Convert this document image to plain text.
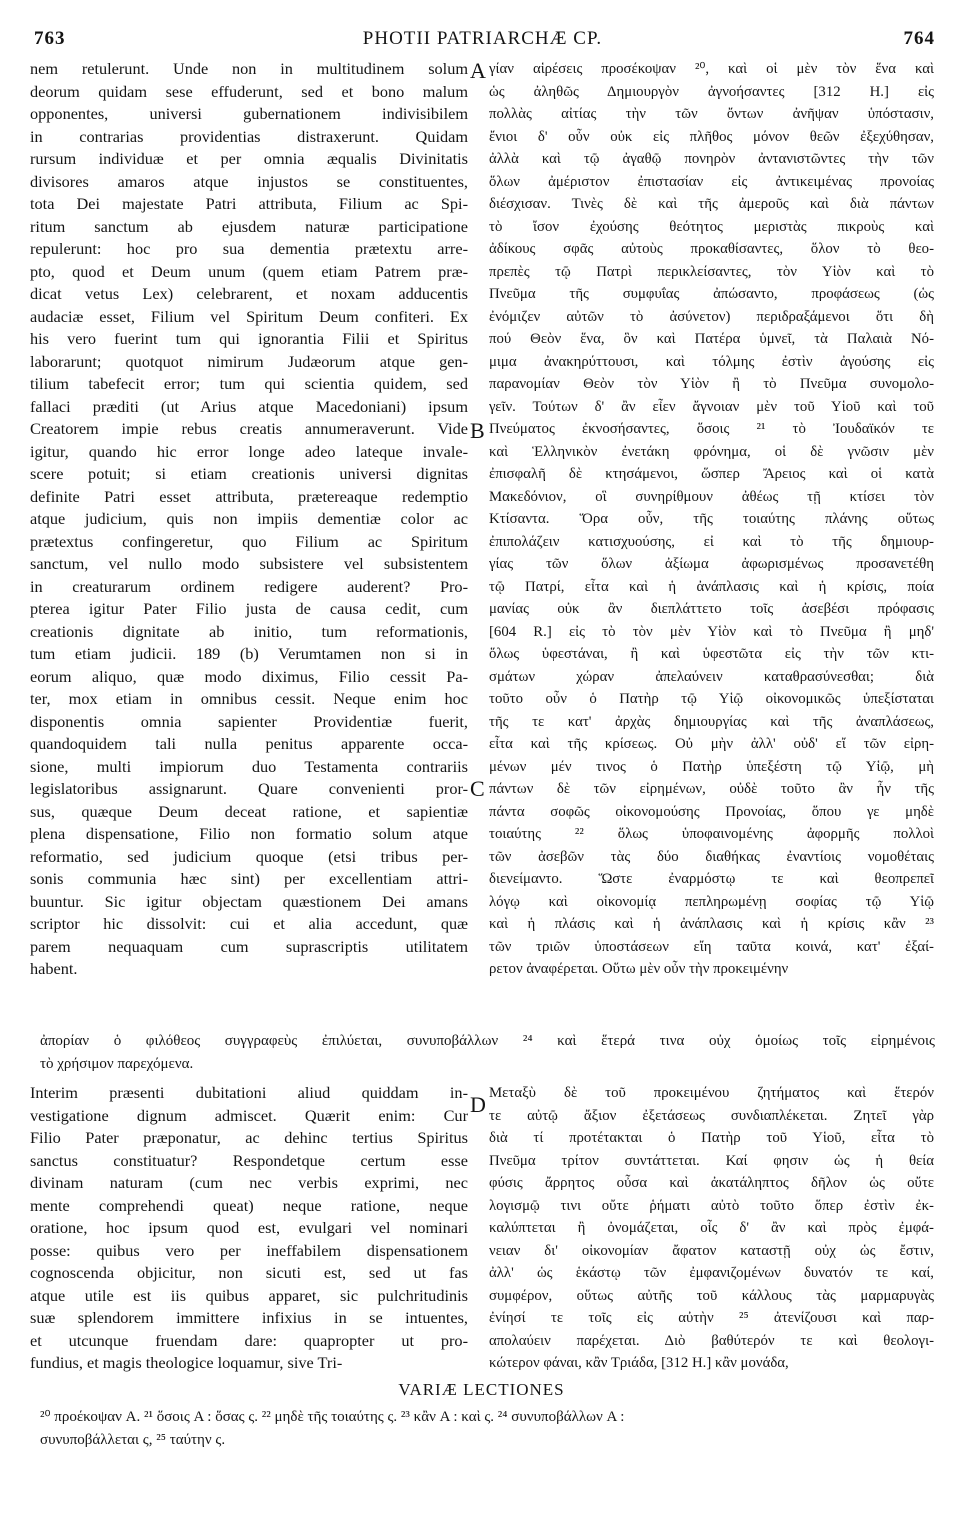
763	PHOTII PATRIARCHÆ CP.	764
nem retulerunt. Unde non in multitudinem solum
deorum quidam sese effuderunt, sed et bono malum
opponentes, universi gubernationem indivisibilem
in contrarias providentias distraxerunt. Quidam
rursum individuæ et per omnia æqualis Divinitatis
divisores amaros atque injustos se constituentes,
tota Dei majestate Patri attributa, Filium ac Spi-
ritum sanctum ab ejusdem naturæ participatione
repulerunt: hoc pro sua dementia prætextu arre-
pto, quod et Deum unum (quem etiam Patrem præ-
dicat vetus Lex) celebrarent, et noxam adducentis
audaciæ esset, Filium vel Spiritum Deum confiteri. Ex
his vero fuerint tum qui ignorantia Filii et Spiritus
laborarunt; quotquot nimirum Judæorum atque gen-
tilium tabefecit error; tum qui scientia quidem, sed
fallaci præditi (ut Arius atque Macedoniani) ipsum
Creatorem impie rebus creatis annumeraverunt. Vide
igitur, quando hic error longe adeo lateque invale-
scere potuit; si etiam creationis universi dignitas
definite Patri esset attributa, prætereaque redemptio
atque judicium, quis non impiis dementiæ color ac
prætextus confingeretur, quo Filium ac Spiritum
sanctum, vel nullo modo subsistere vel subsistentem
in creaturarum ordinem redigere auderent? Pro-
pterea igitur Pater Filio justa de causa cedit, cum
creationis dignitate ab initio, tum reformationis,
tum etiam judicii. 189 (b) Verumtamen non si in
eorum aliquo, quæ modo diximus, Filio cessit Pa-
ter, mox etiam in omnibus cessit. Neque enim hoc
disponentis omnia sapienter Providentiæ fuerit,
quandoquidem tali nulla penitus apparente occa-
sione, multi impiorum duo Testamenta contrariis
legislatoribus assignarunt. Quare convenienti pror-
sus, quæque Deum deceat ratione, et sapientiæ
plena dispensatione, Filio non formatio solum atque
reformatio, sed judicium quoque (etsi tribus per-
sonis communia hæc sint) per excellentiam attri-
buuntur. Sic igitur objectam quæstionem Dei amans
scriptor hic dissolvit: cui et alia accedunt, quæ
parem nequaquam cum suprascriptis utilitatem
habent.
γίαν αἱρέσεις προσέκοψαν ²⁰, καὶ οἱ μὲν τὸν ἕνα καὶ
ὡς ἀληθῶς Δημιουργὸν ἀγνοήσαντες [312 H.] εἰς
πολλὰς αἰτίας τὴν τῶν ὄντων ἀνῆψαν ὑπόστασιν,
ἔνιοι δ' οὖν οὐκ εἰς πλῆθος μόνον θεῶν ἐξεχύθησαν,
ἀλλὰ καὶ τῷ ἀγαθῷ πονηρὸν ἀντανιστῶντες τὴν τῶν
ὅλων ἀμέριστον ἐπιστασίαν εἰς ἀντικειμένας προνοίας
διέσχισαν. Τινὲς δὲ καὶ τῆς ἀμεροῦς καὶ διὰ πάντων
τὸ ἴσον ἐχούσης θεότητος μεριστὰς πικροὺς καὶ
ἀδίκους σφᾶς αὐτοὺς προκαθίσαντες, ὅλον τὸ θεο-
πρεπὲς τῷ Πατρὶ περικλείσαντες, τὸν Υἱὸν καὶ τὸ
Πνεῦμα τῆς συμφυΐας ἀπώσαντο, προφάσεως (ὡς
ἐνόμιζεν αὐτῶν τὸ ἀσύνετον) περιδραξάμενοι ὅτι δὴ
πού Θεὸν ἕνα, ὃν καὶ Πατέρα ὑμνεῖ, τὰ Παλαιὰ Νό-
μιμα ἀνακηρύττουσι, καὶ τόλμης ἐστὶν ἀγούσης εἰς
παρανομίαν Θεὸν τὸν Υἱὸν ἢ τὸ Πνεῦμα συνομολο-
γεῖν. Τούτων δ' ἂν εἶεν ἄγνοιαν μὲν τοῦ Υἱοῦ καὶ τοῦ
Πνεύματος ἐκνοσήσαντες, ὅσοις ²¹ τὸ Ἰουδαϊκόν τε
καὶ Ἑλληνικὸν ἐνετάκη φρόνημα, οἱ δὲ γνῶσιν μὲν
ἐπισφαλῆ δὲ κτησάμενοι, ὥσπερ Ἄρειος καὶ οἱ κατὰ
Μακεδόνιον, οἳ συνηρίθμουν ἀθέως τῇ κτίσει τὸν
Κτίσαντα. Ὅρα οὖν, τῆς τοιαύτης πλάνης οὕτως
ἐπιπολάζειν κατισχυούσης, εἰ καὶ τὸ τῆς δημιουρ-
γίας τῶν ὅλων ἀξίωμα ἀφωρισμένως προσανετέθη
τῷ Πατρί, εἶτα καὶ ἡ ἀνάπλασις καὶ ἡ κρίσις, ποία
μανίας οὐκ ἂν διεπλάττετο τοῖς ἀσεβέσι πρόφασις
[604 R.] εἰς τὸ τὸν μὲν Υἱὸν καὶ τὸ Πνεῦμα ἢ μηδ'
ὅλως ὑφεστάναι, ἢ καὶ ὑφεστῶτα εἰς τὴν τῶν κτι-
σμάτων χώραν ἀπελαύνειν καταθρασύνεσθαι; διὰ
τοῦτο οὖν ὁ Πατὴρ τῷ Υἱῷ οἰκονομικῶς ὑπεξίσταται
τῆς τε κατ' ἀρχὰς δημιουργίας καὶ τῆς ἀναπλάσεως,
εἶτα καὶ τῆς κρίσεως. Οὐ μὴν ἀλλ' οὐδ' εἴ τῶν εἰρη-
μένων μέν τινος ὁ Πατὴρ ὑπεξέστη τῷ Υἱῷ, μὴ
πάντων δὲ τῶν εἰρημένων, οὐδὲ τοῦτο ἂν ἦν τῆς
πάντα σοφῶς οἰκονομούσης Προνοίας, ὅπου γε μηδὲ
τοιαύτης ²² ὅλως ὑποφαινομένης ἀφορμῆς πολλοὶ
τῶν ἀσεβῶν τὰς δύο διαθήκας ἐναντίοις νομοθέταις
διενείμαντο. Ὥστε ἐναρμόστῳ τε καὶ θεοπρεπεῖ
λόγῳ καὶ οἰκονομίᾳ πεπληρωμένῃ σοφίας τῷ Υἱῷ
καὶ ἡ πλάσις καὶ ἡ ἀνάπλασις καὶ ἡ κρίσις κἂν ²³
τῶν τριῶν ὑποστάσεων εἴη ταῦτα κοινά, κατ' ἐξαί-
ρετον ἀναφέρεται. Οὕτω μὲν οὖν τὴν προκειμένην
A
B
C
D
ἀπορίαν ὁ φιλόθεος συγγραφεὺς ἐπιλύεται, συνυποβάλλων ²⁴ καὶ ἕτερά τινα οὐχ ὁμοίως τοῖς εἰρημένοις
τὸ χρήσιμον παρεχόμενα.
Interim præsenti dubitationi aliud quiddam in-
vestigatione dignum admiscet. Quærit enim: Cur
Filio Pater præponatur, ac dehinc tertius Spiritus
sanctus constituatur? Respondetque certum esse
divinam naturam (cum nec verbis exprimi, nec
mente comprehendi queat) neque ratione, neque
oratione, hoc ipsum quod est, evulgari vel nominari
posse: quibus vero per ineffabilem dispensationem
cognoscenda objicitur, non sicuti est, sed ut fas
atque utile est iis quibus apparet, sic pulchritudinis
suæ splendorem immittere infixius in se intuentes,
et utcunque fruendam dare: quapropter ut pro-
fundius, et magis theologice loquamur, sive Tri-
Μεταξὺ δὲ τοῦ προκειμένου ζητήματος καὶ ἕτερόν
τε αὐτῷ ἄξιον ἐξετάσεως συνδιαπλέκεται. Ζητεῖ γὰρ
διὰ τί προτέτακται ὁ Πατὴρ τοῦ Υἱοῦ, εἶτα τὸ
Πνεῦμα τρίτον συντάττεται. Καί φησιν ὡς ἡ θεία
φύσις ἄρρητος οὖσα καὶ ἀκατάληπτος δῆλον ὡς οὔτε
λογισμῷ τινι οὔτε ῥήματι αὐτὸ τοῦτο ὅπερ ἐστὶν ἐκ-
καλύπτεται ἢ ὀνομάζεται, οἷς δ' ἂν καὶ πρὸς ἐμφά-
νειαν δι' οἰκονομίαν ἄφατον καταστῇ οὐχ ὡς ἔστιν,
ἀλλ' ὡς ἑκάστῳ τῶν ἐμφανιζομένων δυνατόν τε καί,
συμφέρον, οὕτως αὐτῆς τοῦ κάλλους τὰς μαρμαρυγὰς
ἐνίησί τε τοῖς εἰς αὐτὴν ²⁵ ἀτενίζουσι καὶ παρ-
απολαύειν παρέχεται. Διὸ βαθύτερόν τε καὶ θεολογι-
κώτερον φάναι, κἂν Τριάδα, [312 H.] κἂν μονάδα,
VARIÆ LECTIONES
²⁰ προέκοψαν A. ²¹ ὅσοις A : ὅσας ς. ²² μηδὲ τῆς τοιαύτης ς. ²³ κἂν A : καὶ ς. ²⁴ συνυποβάλλων A :
συνυποβάλλεται ς, ²⁵ ταύτην ς.
